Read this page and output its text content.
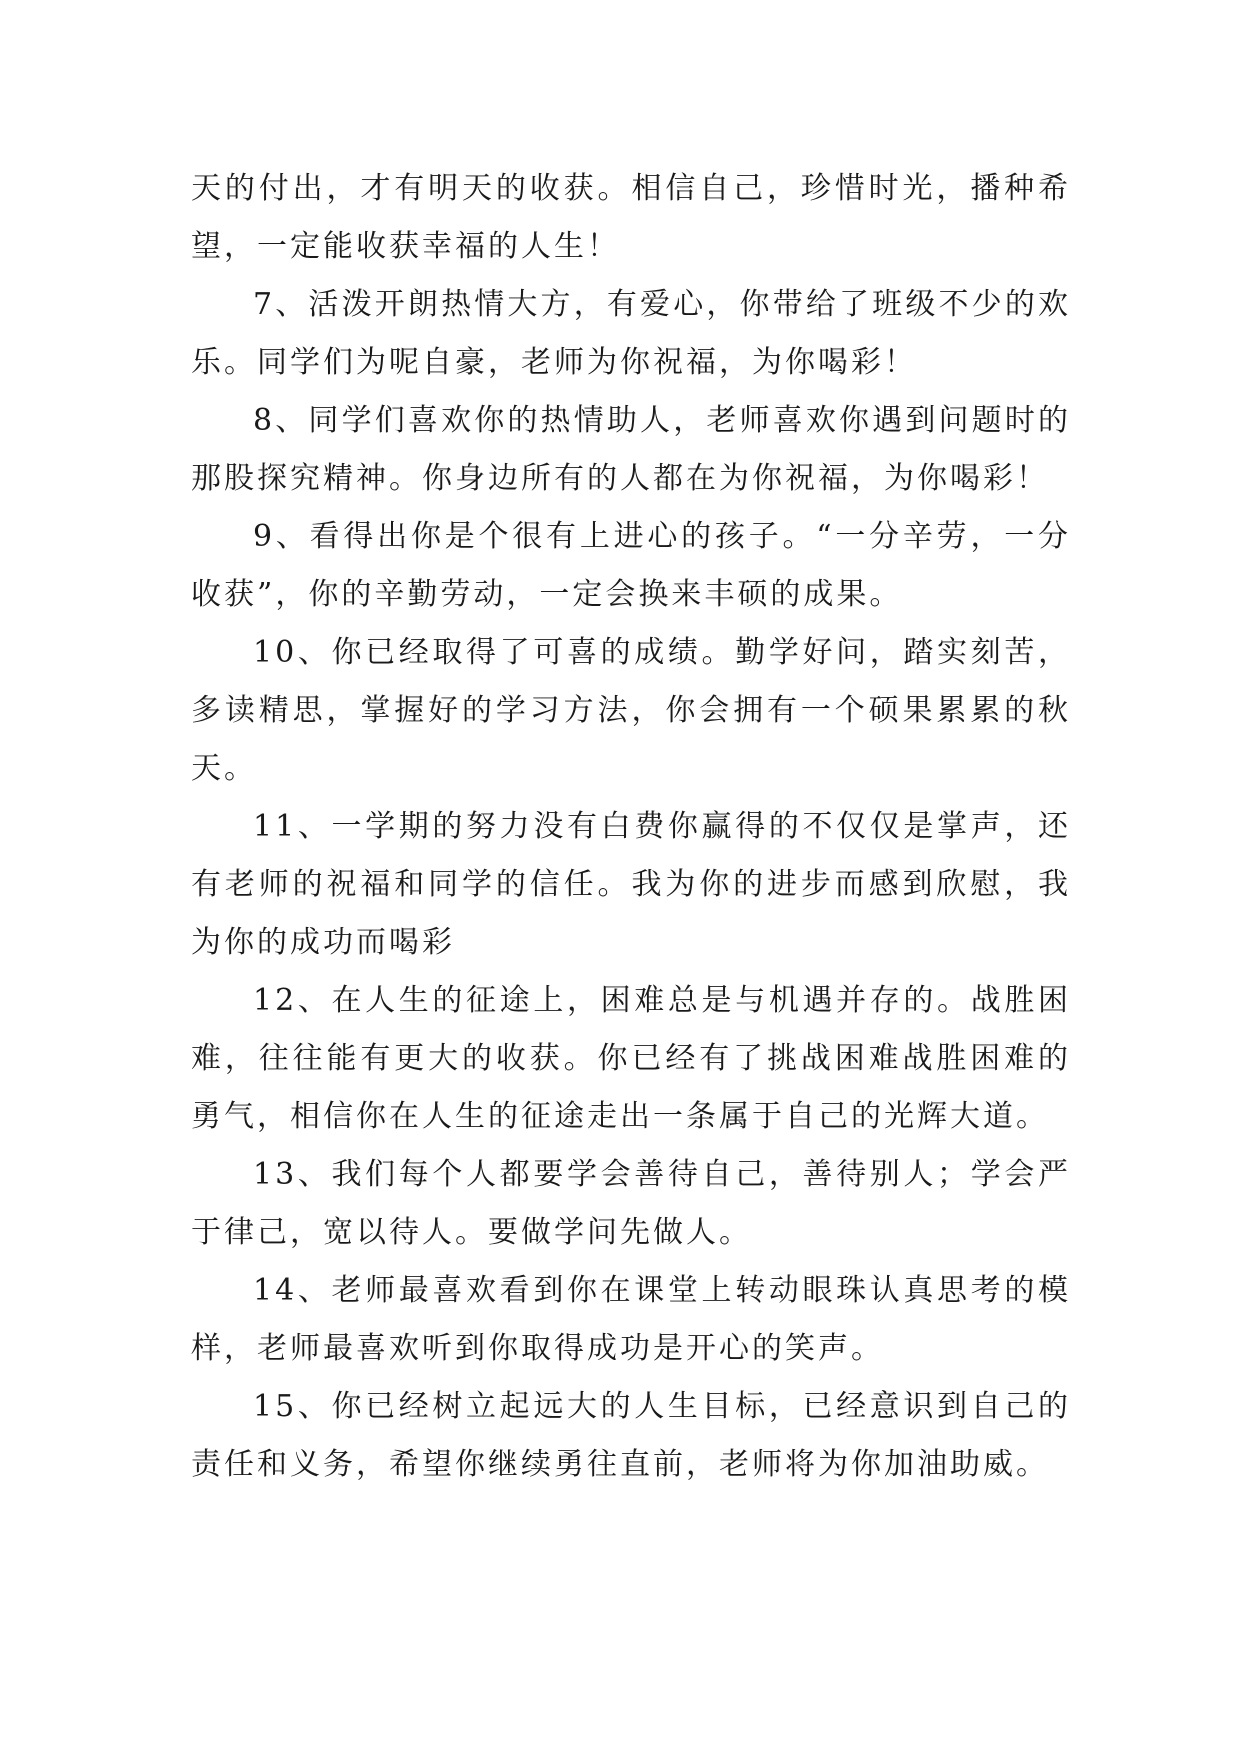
天的付出，才有明天的收获。相信自己，珍惜时光，播种希望，一定能收获幸福的人生！

7、活泼开朗热情大方，有爱心，你带给了班级不少的欢乐。同学们为呢自豪，老师为你祝福，为你喝彩！

8、同学们喜欢你的热情助人，老师喜欢你遇到问题时的那股探究精神。你身边所有的人都在为你祝福，为你喝彩！

9、看得出你是个很有上进心的孩子。“一分辛劳，一分收获”，你的辛勤劳动，一定会换来丰硕的成果。

10、你已经取得了可喜的成绩。勤学好问，踏实刻苦，多读精思，掌握好的学习方法，你会拥有一个硕果累累的秋天。

11、一学期的努力没有白费你赢得的不仅仅是掌声，还有老师的祝福和同学的信任。我为你的进步而感到欣慰，我为你的成功而喝彩

12、在人生的征途上，困难总是与机遇并存的。战胜困难，往往能有更大的收获。你已经有了挑战困难战胜困难的勇气，相信你在人生的征途走出一条属于自己的光辉大道。

13、我们每个人都要学会善待自己，善待别人；学会严于律己，宽以待人。要做学问先做人。

14、老师最喜欢看到你在课堂上转动眼珠认真思考的模样，老师最喜欢听到你取得成功是开心的笑声。

15、你已经树立起远大的人生目标，已经意识到自己的责任和义务，希望你继续勇往直前，老师将为你加油助威。
